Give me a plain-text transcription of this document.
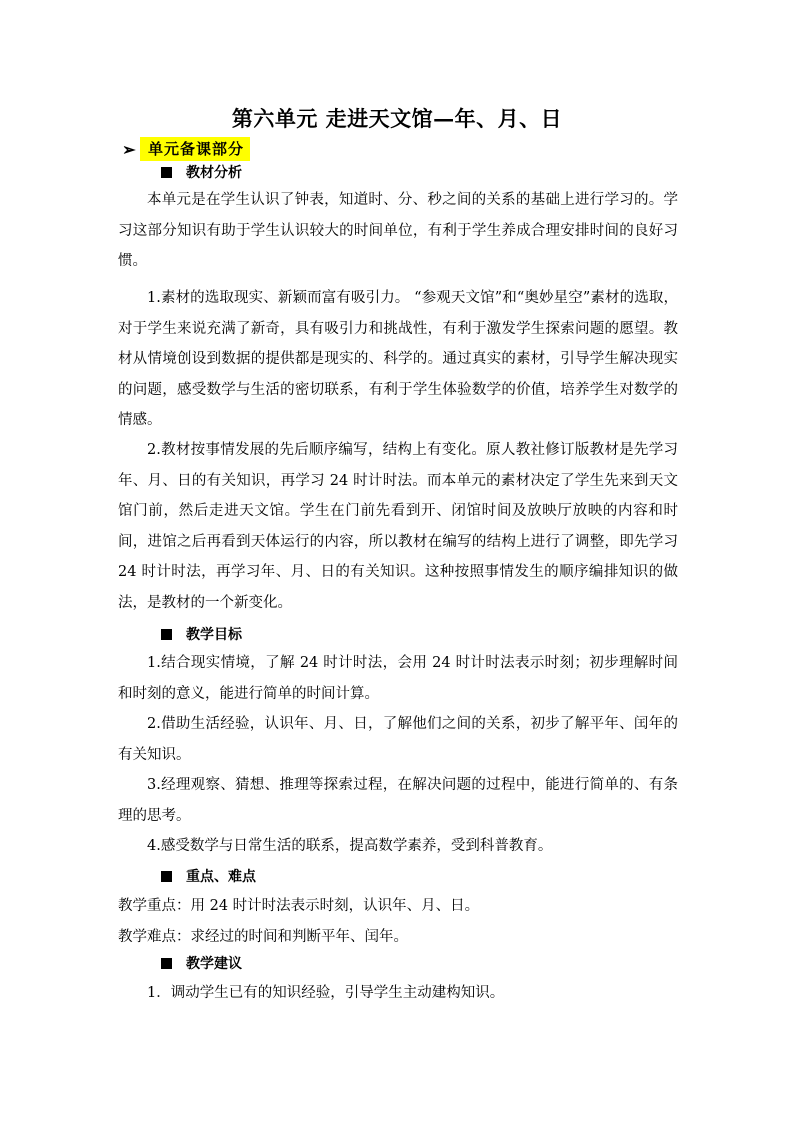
第六单元 走进天文馆—年、月、日
➢ 单元备课部分
教材分析
本单元是在学生认识了钟表，知道时、分、秒之间的关系的基础上进行学习的。学习这部分知识有助于学生认识较大的时间单位，有利于学生养成合理安排时间的良好习惯。
1.素材的选取现实、新颖而富有吸引力。 “参观天文馆”和“奥妙星空”素材的选取，对于学生来说充满了新奇，具有吸引力和挑战性，有利于激发学生探索问题的愿望。教材从情境创设到数据的提供都是现实的、科学的。通过真实的素材，引导学生解决现实的问题，感受数学与生活的密切联系，有利于学生体验数学的价值，培养学生对数学的情感。
2.教材按事情发展的先后顺序编写，结构上有变化。原人教社修订版教材是先学习年、月、日的有关知识，再学习 24 时计时法。而本单元的素材决定了学生先来到天文馆门前，然后走进天文馆。学生在门前先看到开、闭馆时间及放映厅放映的内容和时间，进馆之后再看到天体运行的内容，所以教材在编写的结构上进行了调整，即先学习 24 时计时法，再学习年、月、日的有关知识。这种按照事情发生的顺序编排知识的做法，是教材的一个新变化。
教学目标
1.结合现实情境，了解 24 时计时法，会用 24 时计时法表示时刻；初步理解时间和时刻的意义，能进行简单的时间计算。
2.借助生活经验，认识年、月、日，了解他们之间的关系，初步了解平年、闰年的有关知识。
3.经理观察、猜想、推理等探索过程，在解决问题的过程中，能进行简单的、有条理的思考。
4.感受数学与日常生活的联系，提高数学素养，受到科普教育。
重点、难点
教学重点：用 24 时计时法表示时刻，认识年、月、日。
教学难点：求经过的时间和判断平年、闰年。
教学建议
1．调动学生已有的知识经验，引导学生主动建构知识。
